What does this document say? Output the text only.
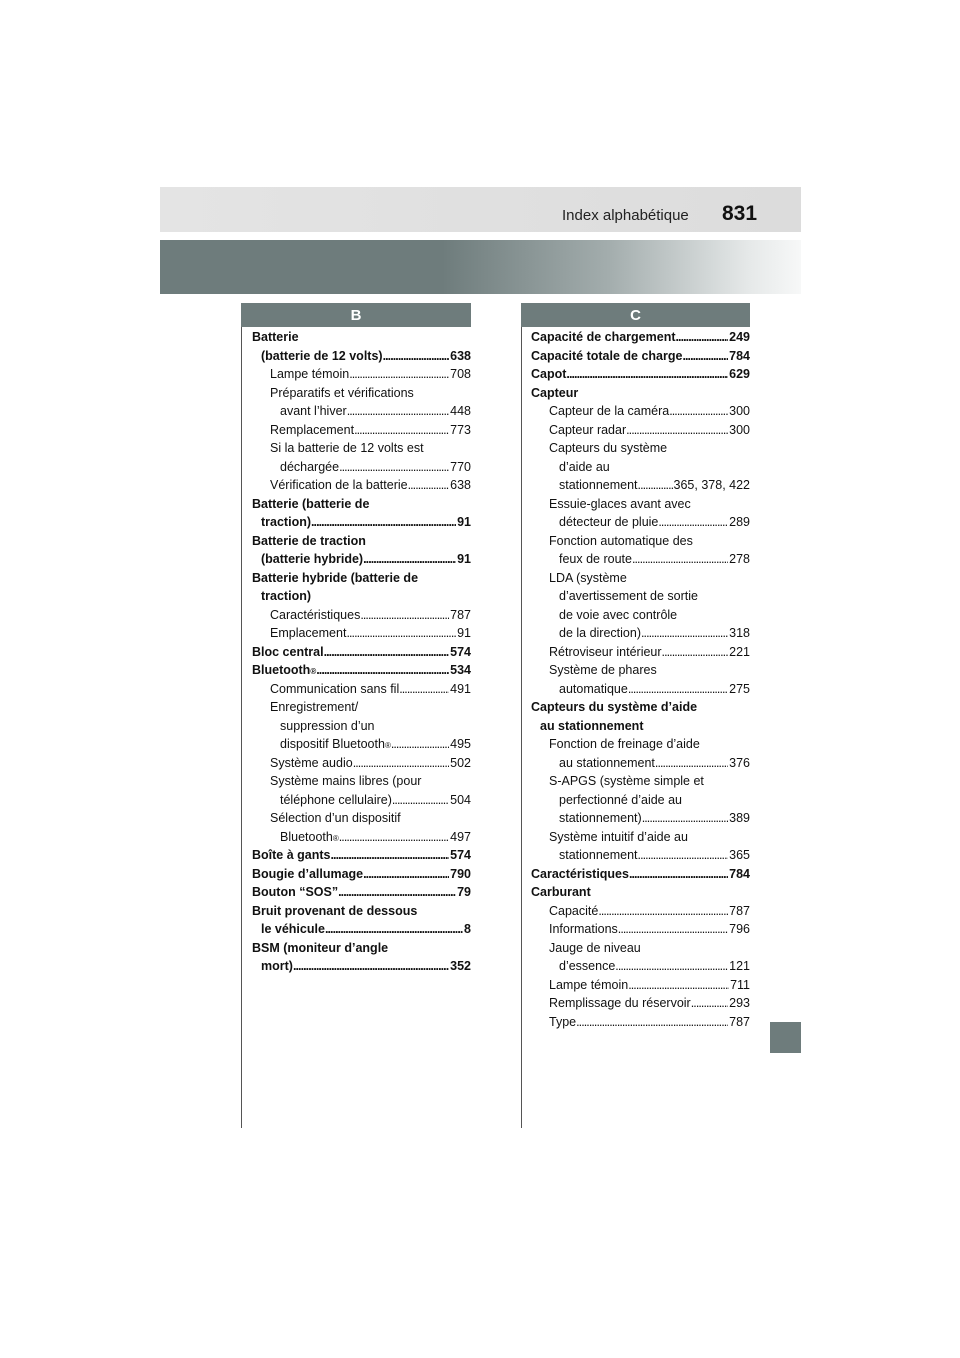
Index alphabétique 831
B	C
Batterie
(batterie de 12 volts) . . .	638
Lampe témoin . . .	708
Préparatifs et vérifications
avant l’hiver . . .	448
Remplacement . . .	773
Si la batterie de 12 volts est
déchargée . . .	770
Vérification de la batterie . . .	638
Batterie (batterie de
traction) . . .	91
Batterie de traction
(batterie hybride) . . .	91
Batterie hybride (batterie de
traction)
Caractéristiques . . .	787
Emplacement . . .	91
Bloc central . . .	574
Bluetooth ® . . .	534
Communication sans fil . . .	491
Enregistrement/
suppression d’un
dispositif Bluetooth ® . . .	495
Système audio . . .	502
Système mains libres (pour
téléphone cellulaire) . . .	504
Sélection d’un dispositif
Bluetooth ® . . .	497
Boîte à gants . . .	574
Bougie d’allumage . . .	790
Bouton “SOS” . . .	79
Bruit provenant de dessous
le véhicule . . .	8
BSM (moniteur d’angle
mort) . . .	352
Capacité de chargement . . .	249
Capacité totale de charge . . .	784
Capot . . .	629
Capteur
Capteur de la caméra . . .	300
Capteur radar . . .	300
Capteurs du système
d’aide au
stationnement . . .	365, 378, 422
Essuie-glaces avant avec
détecteur de pluie . . .	289
Fonction automatique des
feux de route . . .	278
LDA (système
d’avertissement de sortie
de voie avec contrôle
de la direction) . . .	318
Rétroviseur intérieur . . .	221
Système de phares
automatique . . .	275
Capteurs du système d’aide
au stationnement
Fonction de freinage d’aide
au stationnement . . .	376
S-APGS (système simple et
perfectionné d’aide au
stationnement) . . .	389
Système intuitif d’aide au
stationnement . . .	365
Caractéristiques . . .	784
Carburant
Capacité . . .	787
Informations . . .	796
Jauge de niveau
d’essence . . .	121
Lampe témoin . . .	711
Remplissage du réservoir . . .	293
Type . . .	787
